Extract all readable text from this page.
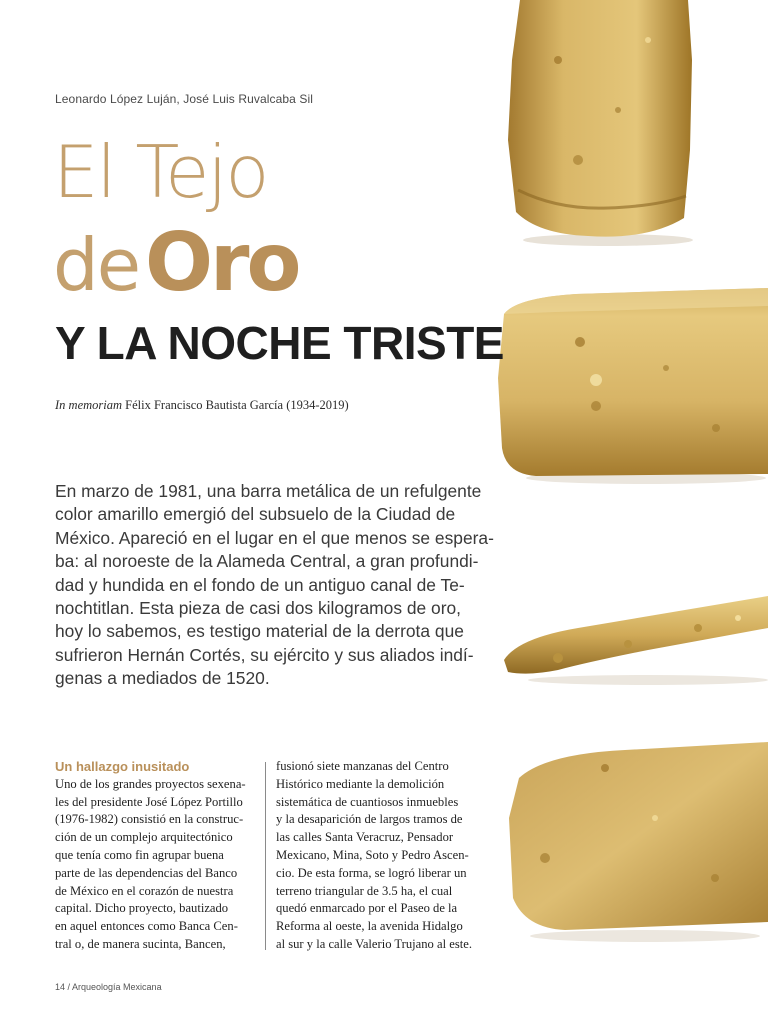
Leonardo López Luján, José Luis Ruvalcaba Sil
El Tejo
deOro
Y LA NOCHE TRISTE
In memoriam Félix Francisco Bautista García (1934-2019)
En marzo de 1981, una barra metálica de un refulgente
color amarillo emergió del subsuelo de la Ciudad de
México. Apareció en el lugar en el que menos se espera-
ba: al noroeste de la Alameda Central, a gran profundi-
dad y hundida en el fondo de un antiguo canal de Te-
nochtitlan. Esta pieza de casi dos kilogramos de oro,
hoy lo sabemos, es testigo material de la derrota que
sufrieron Hernán Cortés, su ejército y sus aliados indí-
genas a mediados de 1520.
Un hallazgo inusitado
Uno de los grandes proyectos sexena-
les del presidente José López Portillo
(1976-1982) consistió en la construc-
ción de un complejo arquitectónico
que tenía como fin agrupar buena
parte de las dependencias del Banco
de México en el corazón de nuestra
capital. Dicho proyecto, bautizado
en aquel entonces como Banca Cen-
tral o, de manera sucinta, Bancen,
fusionó siete manzanas del Centro
Histórico mediante la demolición
sistemática de cuantiosos inmuebles
y la desaparición de largos tramos de
las calles Santa Veracruz, Pensador
Mexicano, Mina, Soto y Pedro Ascen-
cio. De esta forma, se logró liberar un
terreno triangular de 3.5 ha, el cual
quedó enmarcado por el Paseo de la
Reforma al oeste, la avenida Hidalgo
al sur y la calle Valerio Trujano al este.
14 / Arqueología Mexicana
